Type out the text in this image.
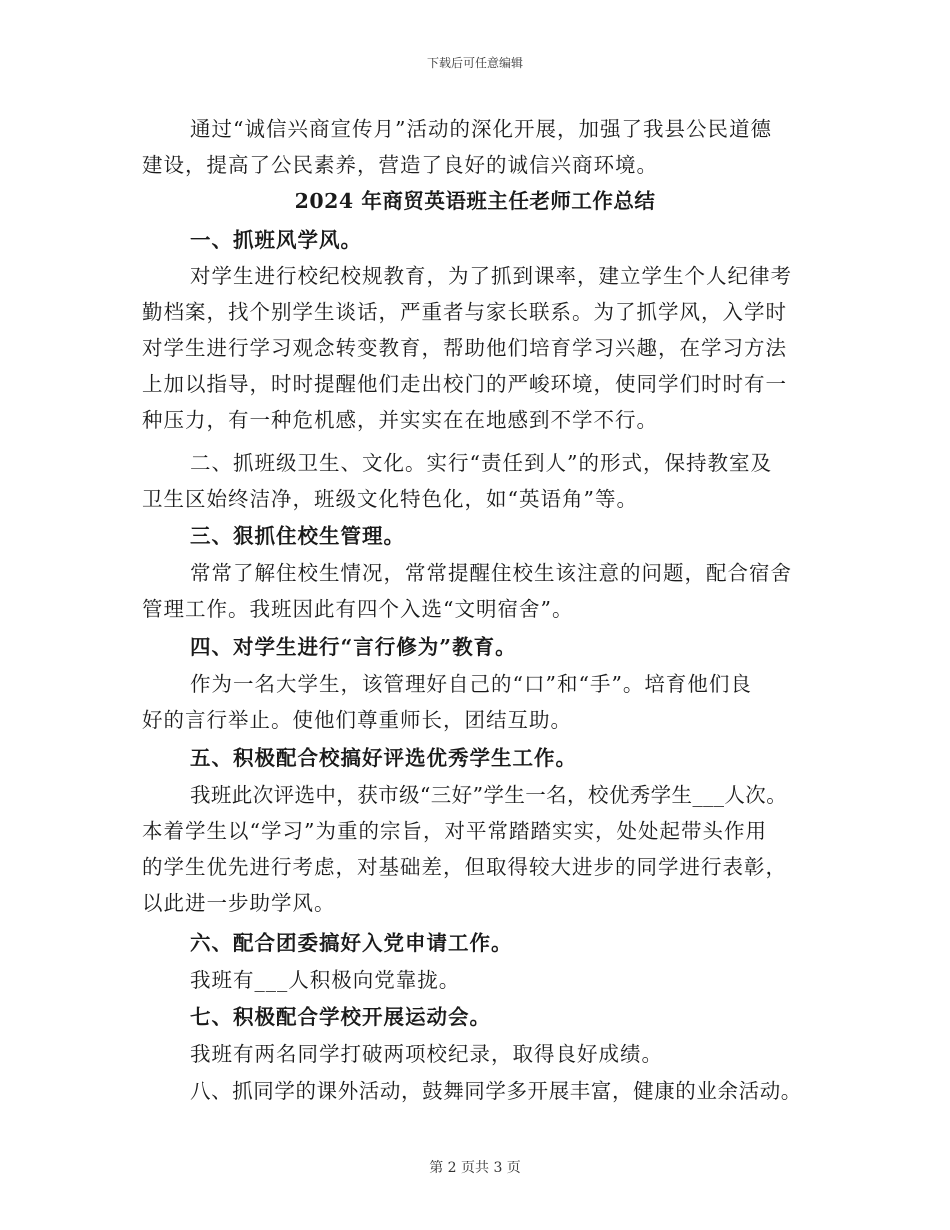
下载后可任意编辑
通过“诚信兴商宣传月”活动的深化开展，加强了我县公民道德
建设，提高了公民素养，营造了良好的诚信兴商环境。
2024 年商贸英语班主任老师工作总结
一、抓班风学风。
对学生进行校纪校规教育，为了抓到课率，建立学生个人纪律考
勤档案，找个别学生谈话，严重者与家长联系。为了抓学风，入学时
对学生进行学习观念转变教育，帮助他们培育学习兴趣，在学习方法
上加以指导，时时提醒他们走出校门的严峻环境，使同学们时时有一
种压力，有一种危机感，并实实在在地感到不学不行。
二、抓班级卫生、文化。实行“责任到人”的形式，保持教室及
卫生区始终洁净，班级文化特色化，如“英语角”等。
三、狠抓住校生管理。
常常了解住校生情况，常常提醒住校生该注意的问题，配合宿舍
管理工作。我班因此有四个入选“文明宿舍”。
四、对学生进行“言行修为”教育。
作为一名大学生，该管理好自己的“口”和“手”。培育他们良
好的言行举止。使他们尊重师长，团结互助。
五、积极配合校搞好评选优秀学生工作。
我班此次评选中，获市级“三好”学生一名，校优秀学生___人次。
本着学生以“学习”为重的宗旨，对平常踏踏实实，处处起带头作用
的学生优先进行考虑，对基础差，但取得较大进步的同学进行表彰，
以此进一步助学风。
六、配合团委搞好入党申请工作。
我班有___人积极向党靠拢。
七、积极配合学校开展运动会。
我班有两名同学打破两项校纪录，取得良好成绩。
八、抓同学的课外活动，鼓舞同学多开展丰富，健康的业余活动。
第 2 页共 3 页
